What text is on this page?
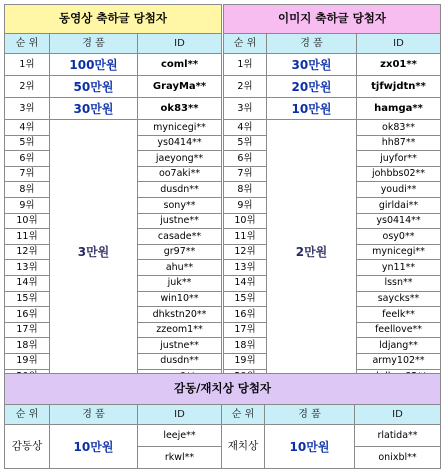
동영상 축하글 당첨자		
순 위	경 품	ID
1위	100만원	coml**
2위	50만원	GrayMa**
3위	30만원	ok83**
4위	3만원	mynicegi**
5위		ys0414**
6위		jaeyong**
7위		oo7aki**
8위		dusdn**
9위		sony**
10위		justne**
11위		casade**
12위		gr97**
13위		ahu**
14위		juk**
15위		win10**
16위		dhkstn20**
17위		zzeom1**
18위		justne**
19위		dusdn**

이미지 축하글 당첨자		
순 위	경 품	ID
1위	30만원	zx01**
2위	20만원	tjfwjdtn**
3위	10만원	hamga**
4위	2만원	ok83**
5위		hh87**
6위		juyfor**
7위		johbbs02**
8위		youdi**
9위		girldai**
10위		ys0414**
11위		osy0**
12위		mynicegi**
13위		yn11**
14위		lssn**
15위		saycks**
16위		feelk**
17위		feellove**
18위		ldjang**
19위		army102**

감동/재치상 당첨자					
순 위	경 품	ID	순 위	경 품	ID
감동상	10만원	leeje**	재치상	10만원	rlatida**
		rkwl**			onixbl**
